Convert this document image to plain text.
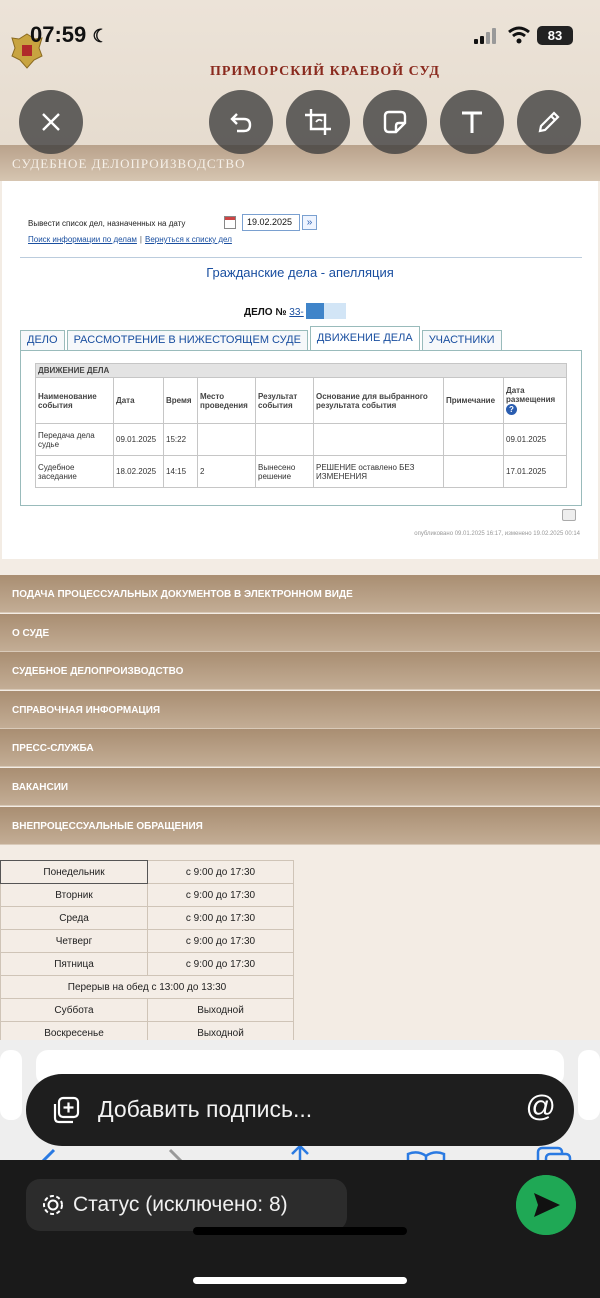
ПРИМОРСКИЙ КРАЕВОЙ СУД
СУДЕБНОЕ ДЕЛОПРОИЗВОДСТВО
Вывести список дел, назначенных на дату	19.02.2025	»
Поиск информации по делам | Вернуться к списку дел
Гражданские дела - апелляция
ДЕЛО № 33-
ДЕЛО	РАССМОТРЕНИЕ В НИЖЕСТОЯЩЕМ СУДЕ	ДВИЖЕНИЕ ДЕЛА	УЧАСТНИКИ
ДВИЖЕНИЕ ДЕЛА							
Наименование события	Дата	Время	Место проведения	Результат события	Основание для выбранного результата события	Примечание	Дата размещения ?
Передача дела судье	09.01.2025	15:22					09.01.2025
Судебное заседание	18.02.2025	14:15	2	Вынесено решение	РЕШЕНИЕ оставлено БЕЗ ИЗМЕНЕНИЯ		17.01.2025
опубликовано 09.01.2025 16:17, изменено 19.02.2025 00:14
ПОДАЧА ПРОЦЕССУАЛЬНЫХ ДОКУМЕНТОВ В ЭЛЕКТРОННОМ ВИДЕ
О СУДЕ
СУДЕБНОЕ ДЕЛОПРОИЗВОДСТВО
СПРАВОЧНАЯ ИНФОРМАЦИЯ
ПРЕСС-СЛУЖБА
ВАКАНСИИ
ВНЕПРОЦЕССУАЛЬНЫЕ ОБРАЩЕНИЯ
Понедельник	с 9:00 до 17:30
Вторник	с 9:00 до 17:30
Среда	с 9:00 до 17:30
Четверг	с 9:00 до 17:30
Пятница	с 9:00 до 17:30
Перерыв на обед с 13:00 до 13:30	
Суббота	Выходной
Воскресенье	Выходной
Добавить подпись...	@
Статус (исключено: 8)
07:59 ☾	83
